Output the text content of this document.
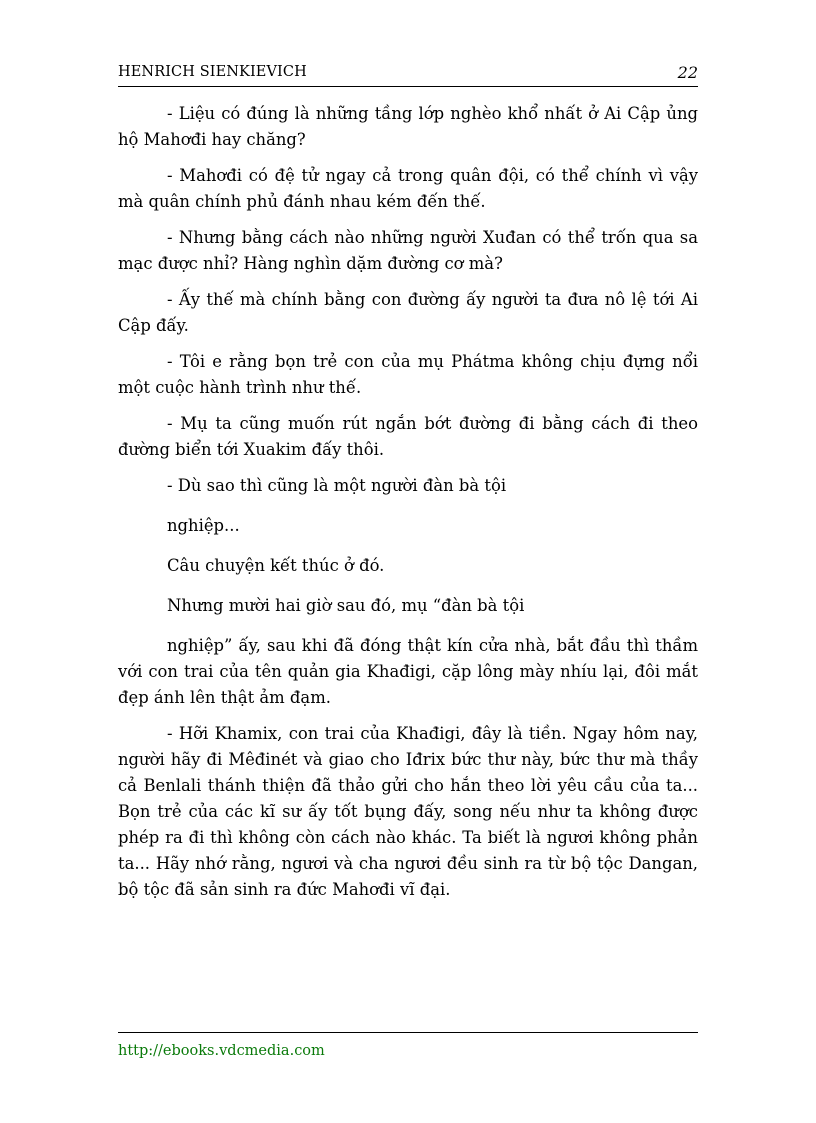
HENRICH SIENKIEVICH	22

- Liệu có đúng là những tầng lớp nghèo khổ nhất ở Ai Cập ủng hộ Mahơđi hay chăng?

- Mahơđi có đệ tử ngay cả trong quân đội, có thể chính vì vậy mà quân chính phủ đánh nhau kém đến thế.

- Nhưng bằng cách nào những người Xuđan có thể trốn qua sa mạc được nhỉ? Hàng nghìn dặm đường cơ mà?

- Ấy thế mà chính bằng con đường ấy người ta đưa nô lệ tới Ai Cập đấy.

- Tôi e rằng bọn trẻ con của mụ Phátma không chịu đựng nổi một cuộc hành trình như thế.

- Mụ ta cũng muốn rút ngắn bớt đường đi bằng cách đi theo đường biển tới Xuakim đấy thôi.

- Dù sao thì cũng là một người đàn bà tội

nghiệp...

Câu chuyện kết thúc ở đó.

Nhưng mười hai giờ sau đó, mụ “đàn bà tội

nghiệp” ấy, sau khi đã đóng thật kín cửa nhà, bắt đầu thì thầm với con trai của tên quản gia Khađigi, cặp lông mày nhíu lại, đôi mắt đẹp ánh lên thật ảm đạm.

- Hỡi Khamix, con trai của Khađigi, đây là tiền. Ngay hôm nay, người hãy đi Mêđinét và giao cho Iđrix bức thư này, bức thư mà thầy cả Benlali thánh thiện đã thảo gửi cho hắn theo lời yêu cầu của ta... Bọn trẻ của các kĩ sư ấy tốt bụng đấy, song nếu như ta không được phép ra đi thì không còn cách nào khác. Ta biết là ngươi không phản ta... Hãy nhớ rằng, ngươi và cha ngươi đều sinh ra từ bộ tộc Dangan, bộ tộc đã sản sinh ra đức Mahơđi vĩ đại.

http://ebooks.vdcmedia.com
